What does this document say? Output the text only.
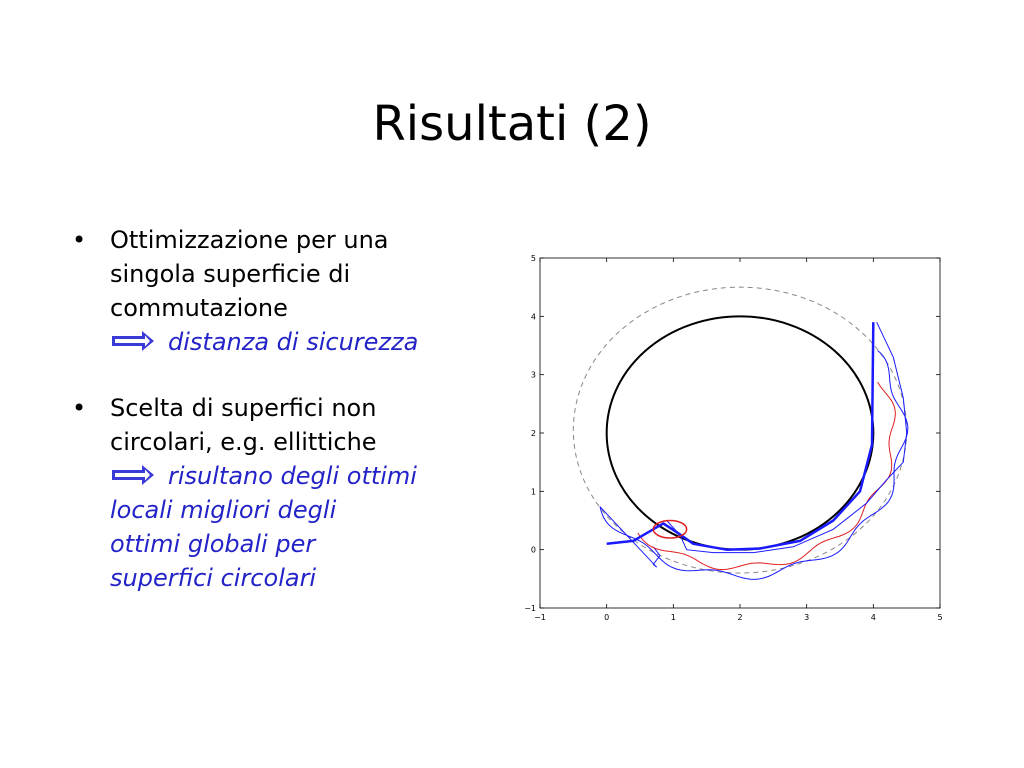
Risultati (2)
• Ottimizzazione per una
singola superficie di
commutazione
distanza di sicurezza
• Scelta di superfici non
circolari, e.g. ellittiche
risultano degli ottimi
locali migliori degli
ottimi globali per
superfici circolari
−1	0	1	2	3	4	5
−1
0
1
2
3
4
5
